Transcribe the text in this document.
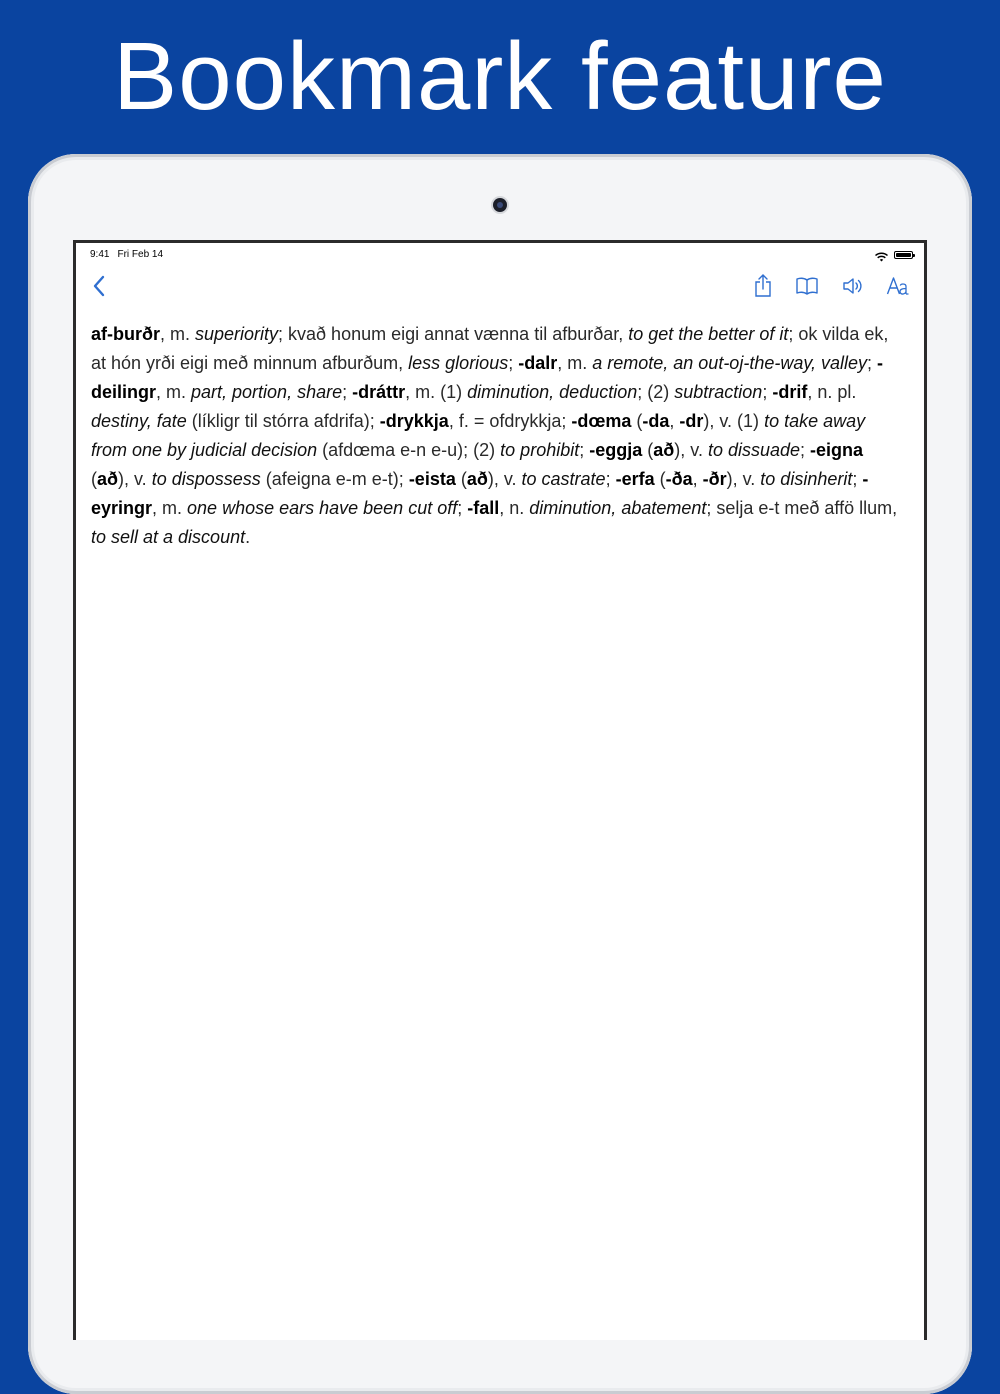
Bookmark feature
9:41 Fri Feb 14
af-burðr, m. superiority; kvað honum eigi annat vænna til afburðar, to get the better of it; ok vilda ek, at hón yrði eigi með minnum afburðum, less glorious; -dalr, m. a remote, an out-oj-the-way, valley; -deilingr, m. part, portion, share; -dráttr, m. (1) diminution, deduction; (2) subtraction; -drif, n. pl. destiny, fate (líkligr til stórra afdrifa); -drykkja, f. = ofdrykkja; -dœma (-da, -dr), v. (1) to take away from one by judicial decision (afdœma e-n e-u); (2) to prohibit; -eggja (að), v. to dissuade; -eigna (að), v. to dispossess (afeigna e-m e-t); -eista (að), v. to castrate; -erfa (-ða, -ðr), v. to disinherit; -eyringr, m. one whose ears have been cut off; -fall, n. diminution, abatement; selja e-t með affö llum, to sell at a discount.
